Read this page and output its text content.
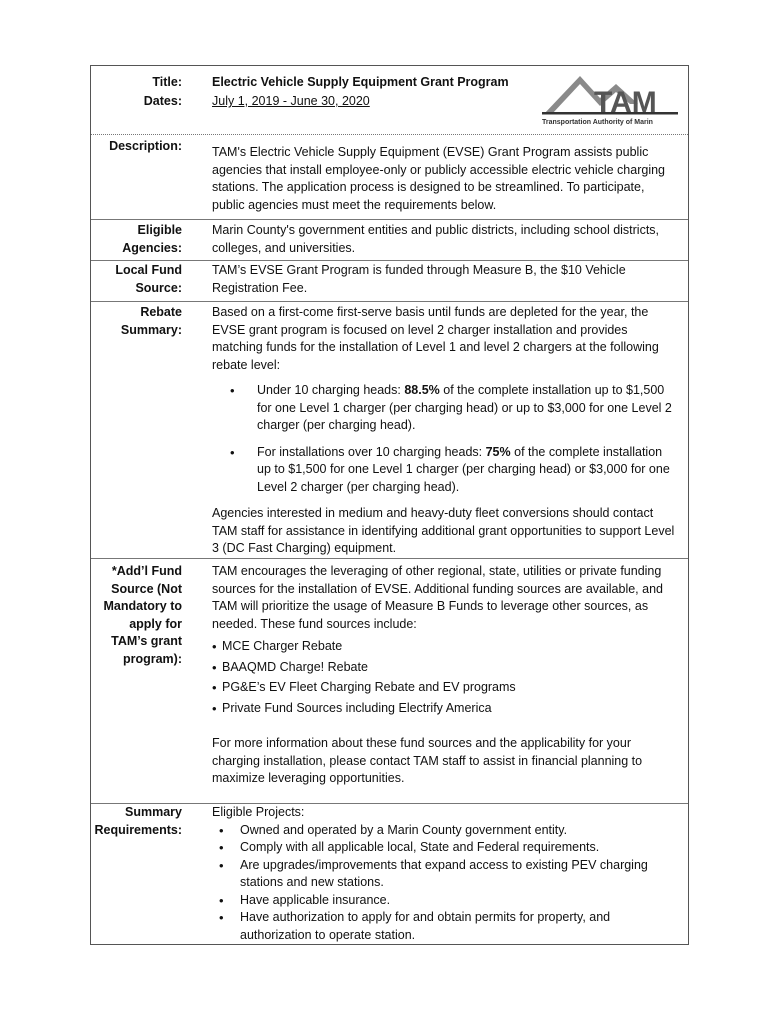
Title: Electric Vehicle Supply Equipment Grant Program
Dates: July 1, 2019 - June 30, 2020	TAM
Transportation Authority of Marin
Description: TAM's Electric Vehicle Supply Equipment (EVSE) Grant Program assists public agencies that install employee-only or publicly accessible electric vehicle charging stations. The application process is designed to be streamlined. To participate, public agencies must meet the requirements below.
Eligible Agencies:
Marin County's government entities and public districts, including school districts, colleges, and universities.
Local Fund Source:
TAM’s EVSE Grant Program is funded through Measure B, the $10 Vehicle Registration Fee.
Rebate Summary:
Based on a first-come first-serve basis until funds are depleted for the year, the EVSE grant program is focused on level 2 charger installation and provides matching funds for the installation of Level 1 and level 2 chargers at the following rebate level:
• Under 10 charging heads: 88.5% of the complete installation up to $1,500 for one Level 1 charger (per charging head) or up to $3,000 for one Level 2 charger (per charging head).
• For installations over 10 charging heads: 75% of the complete installation up to $1,500 for one Level 1 charger (per charging head) or $3,000 for one Level 2 charger (per charging head).
Agencies interested in medium and heavy-duty fleet conversions should contact TAM staff for assistance in identifying additional grant opportunities to support Level 3 (DC Fast Charging) equipment.
*Add’l Fund Source (Not Mandatory to apply for TAM’s grant program):
TAM encourages the leveraging of other regional, state, utilities or private funding sources for the installation of EVSE. Additional funding sources are available, and TAM will prioritize the usage of Measure B Funds to leverage other sources, as needed. These fund sources include:
• MCE Charger Rebate
• BAAQMD Charge! Rebate
• PG&E’s EV Fleet Charging Rebate and EV programs
• Private Fund Sources including Electrify America
For more information about these fund sources and the applicability for your charging installation, please contact TAM staff to assist in financial planning to maximize leveraging opportunities.
Summary Requirements:
Eligible Projects:
• Owned and operated by a Marin County government entity.
• Comply with all applicable local, State and Federal requirements.
• Are upgrades/improvements that expand access to existing PEV charging stations and new stations.
• Have applicable insurance.
• Have authorization to apply for and obtain permits for property, and authorization to operate station.
